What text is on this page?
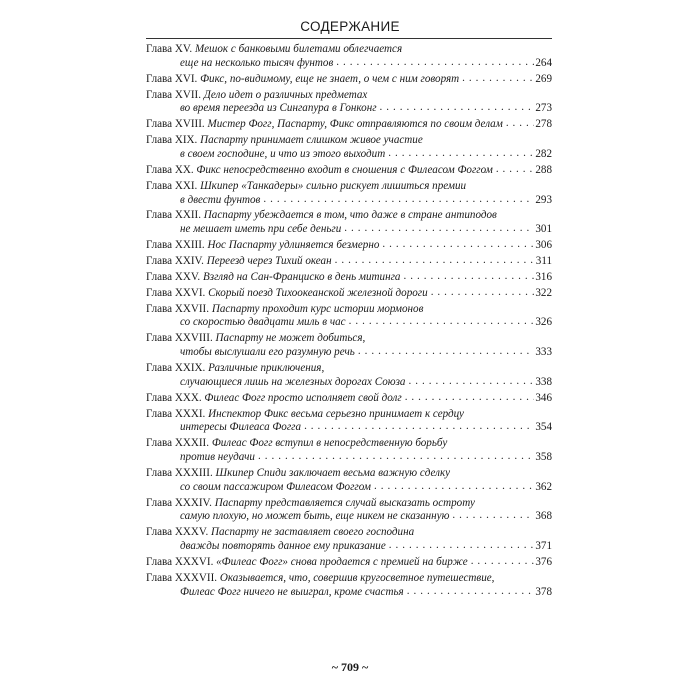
СОДЕРЖАНИЕ
Глава XV.
Мешок с банковыми билетами облегчается
еще на несколько тысяч фунтов . . .	264
Глава XVI.
Фикс, по-видимому, еще не знает, о чем с ним говорят . . .	269
Глава XVII.
Дело идет о различных предметах
во время переезда из Сингапура в Гонконг . . .	273
Глава XVIII.
Мистер Фогг, Паспарту, Фикс отправляются по своим делам . . .	278
Глава XIX.
Паспарту принимает слишком живое участие
в своем господине, и что из этого выходит . . .	282
Глава XX.
Фикс непосредственно входит в сношения с Филеасом Фоггом . . .	288
Глава XXI.
Шкипер «Танкадеры» сильно рискует лишиться премии
в двести фунтов . . .	293
Глава XXII.
Паспарту убеждается в том, что даже в стране антиподов
не мешает иметь при себе деньги . . .	301
Глава XXIII.
Нос Паспарту удлиняется безмерно . . .	306
Глава XXIV.
Переезд через Тихий океан . . .	311
Глава XXV.
Взгляд на Сан-Франциско в день митинга . . .	316
Глава XXVI.
Скорый поезд Тихоокеанской железной дороги . . .	322
Глава XXVII.
Паспарту проходит курс истории мормонов
со скоростью двадцати миль в час . . .	326
Глава XXVIII.
Паспарту не может добиться,
чтобы выслушали его разумную речь . . .	333
Глава XXIX.
Различные приключения,
случающиеся лишь на железных дорогах Союза . . .	338
Глава XXX.
Филеас Фогг просто исполняет свой долг . . .	346
Глава XXXI.
Инспектор Фикс весьма серьезно принимает к сердцу
интересы Филеаса Фогга . . .	354
Глава XXXII.
Филеас Фогг вступил в непосредственную борьбу
против неудачи . . .	358
Глава XXXIII.
Шкипер Спиди заключает весьма важную сделку
со своим пассажиром Филеасом Фоггом . . .	362
Глава XXXIV.
Паспарту представляется случай высказать остроту
самую плохую, но может быть, еще никем не сказанную . . .	368
Глава XXXV.
Паспарту не заставляет своего господина
дважды повторять данное ему приказание . . .	371
Глава XXXVI.
«Филеас Фогг» снова продается с премией на бирже . . .	376
Глава XXXVII.
Оказывается, что, совершив кругосветное путешествие,
Филеас Фогг ничего не выиграл, кроме счастья . . .	378
~ 709 ~
